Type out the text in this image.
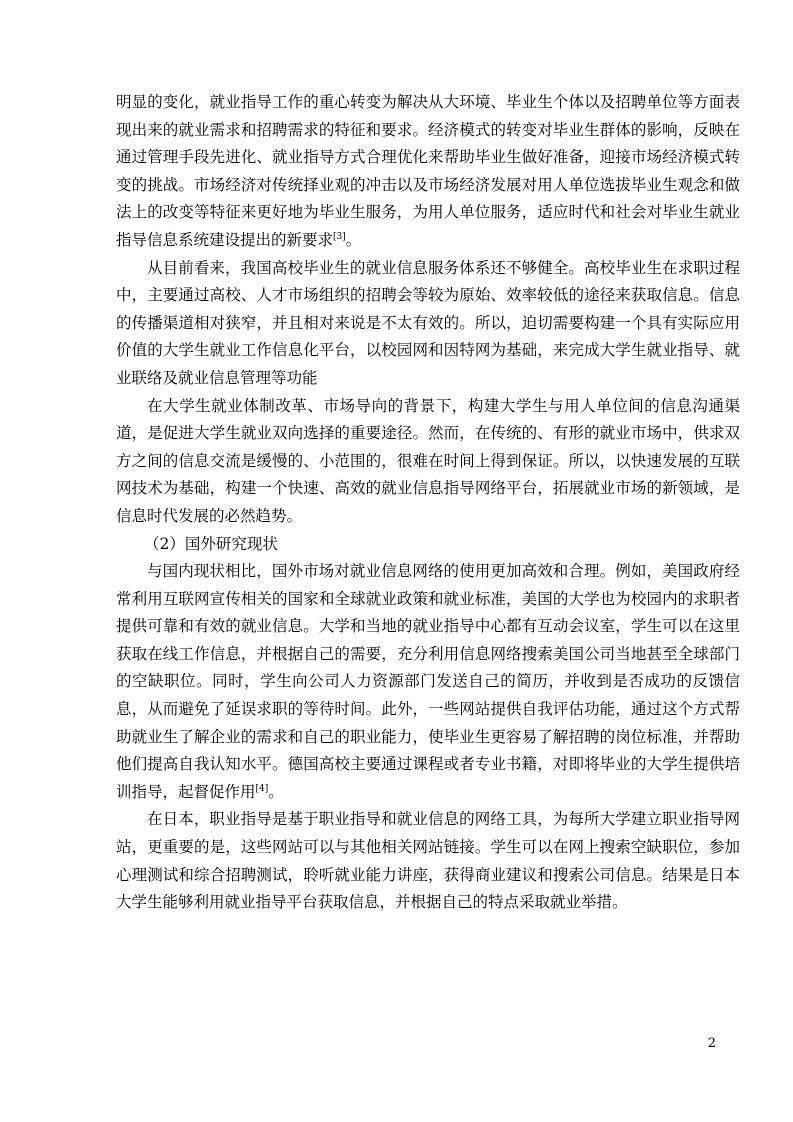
明显的变化，就业指导工作的重心转变为解决从大环境、毕业生个体以及招聘单位等方面表现出来的就业需求和招聘需求的特征和要求。经济模式的转变对毕业生群体的影响，反映在通过管理手段先进化、就业指导方式合理优化来帮助毕业生做好准备，迎接市场经济模式转变的挑战。市场经济对传统择业观的冲击以及市场经济发展对用人单位选拔毕业生观念和做法上的改变等特征来更好地为毕业生服务，为用人单位服务，适应时代和社会对毕业生就业指导信息系统建设提出的新要求[3]。

从目前看来，我国高校毕业生的就业信息服务体系还不够健全。高校毕业生在求职过程中，主要通过高校、人才市场组织的招聘会等较为原始、效率较低的途径来获取信息。信息的传播渠道相对狭窄，并且相对来说是不太有效的。所以，迫切需要构建一个具有实际应用价值的大学生就业工作信息化平台，以校园网和因特网为基础，来完成大学生就业指导、就业联络及就业信息管理等功能

在大学生就业体制改革、市场导向的背景下，构建大学生与用人单位间的信息沟通渠道，是促进大学生就业双向选择的重要途径。然而，在传统的、有形的就业市场中，供求双方之间的信息交流是缓慢的、小范围的，很难在时间上得到保证。所以，以快速发展的互联网技术为基础，构建一个快速、高效的就业信息指导网络平台，拓展就业市场的新领域，是信息时代发展的必然趋势。

（2）国外研究现状

与国内现状相比，国外市场对就业信息网络的使用更加高效和合理。例如，美国政府经常利用互联网宣传相关的国家和全球就业政策和就业标准，美国的大学也为校园内的求职者提供可靠和有效的就业信息。大学和当地的就业指导中心都有互动会议室，学生可以在这里获取在线工作信息，并根据自己的需要，充分利用信息网络搜索美国公司当地甚至全球部门的空缺职位。同时，学生向公司人力资源部门发送自己的简历，并收到是否成功的反馈信息，从而避免了延误求职的等待时间。此外，一些网站提供自我评估功能，通过这个方式帮助就业生了解企业的需求和自己的职业能力，使毕业生更容易了解招聘的岗位标准，并帮助他们提高自我认知水平。德国高校主要通过课程或者专业书籍，对即将毕业的大学生提供培训指导，起督促作用[4]。

在日本，职业指导是基于职业指导和就业信息的网络工具，为每所大学建立职业指导网站，更重要的是，这些网站可以与其他相关网站链接。学生可以在网上搜索空缺职位，参加心理测试和综合招聘测试，聆听就业能力讲座，获得商业建议和搜索公司信息。结果是日本大学生能够利用就业指导平台获取信息，并根据自己的特点采取就业举措。

2
